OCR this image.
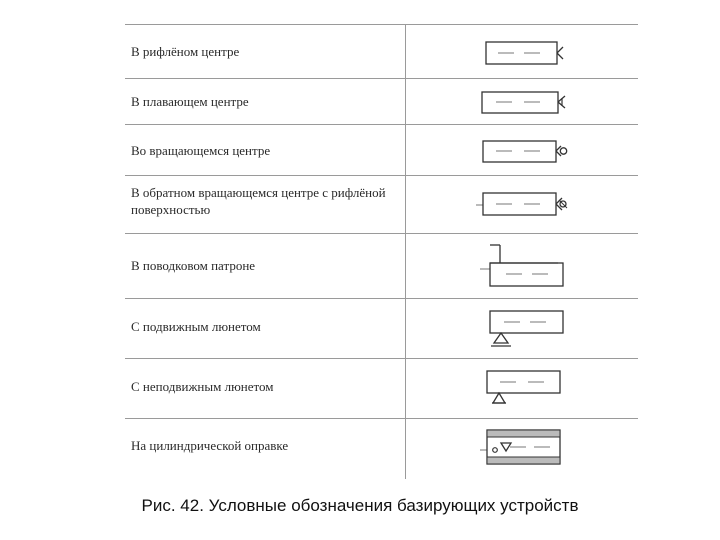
В рифлёном центре
В плавающем центре
Во вращающемся центре
В обратном вращающемся центре с рифлёной поверхностью
В поводковом патроне
С подвижным люнетом
С неподвижным люнетом
На цилиндрической оправке
Рис. 42. Условные обозначения базирующих устройств
